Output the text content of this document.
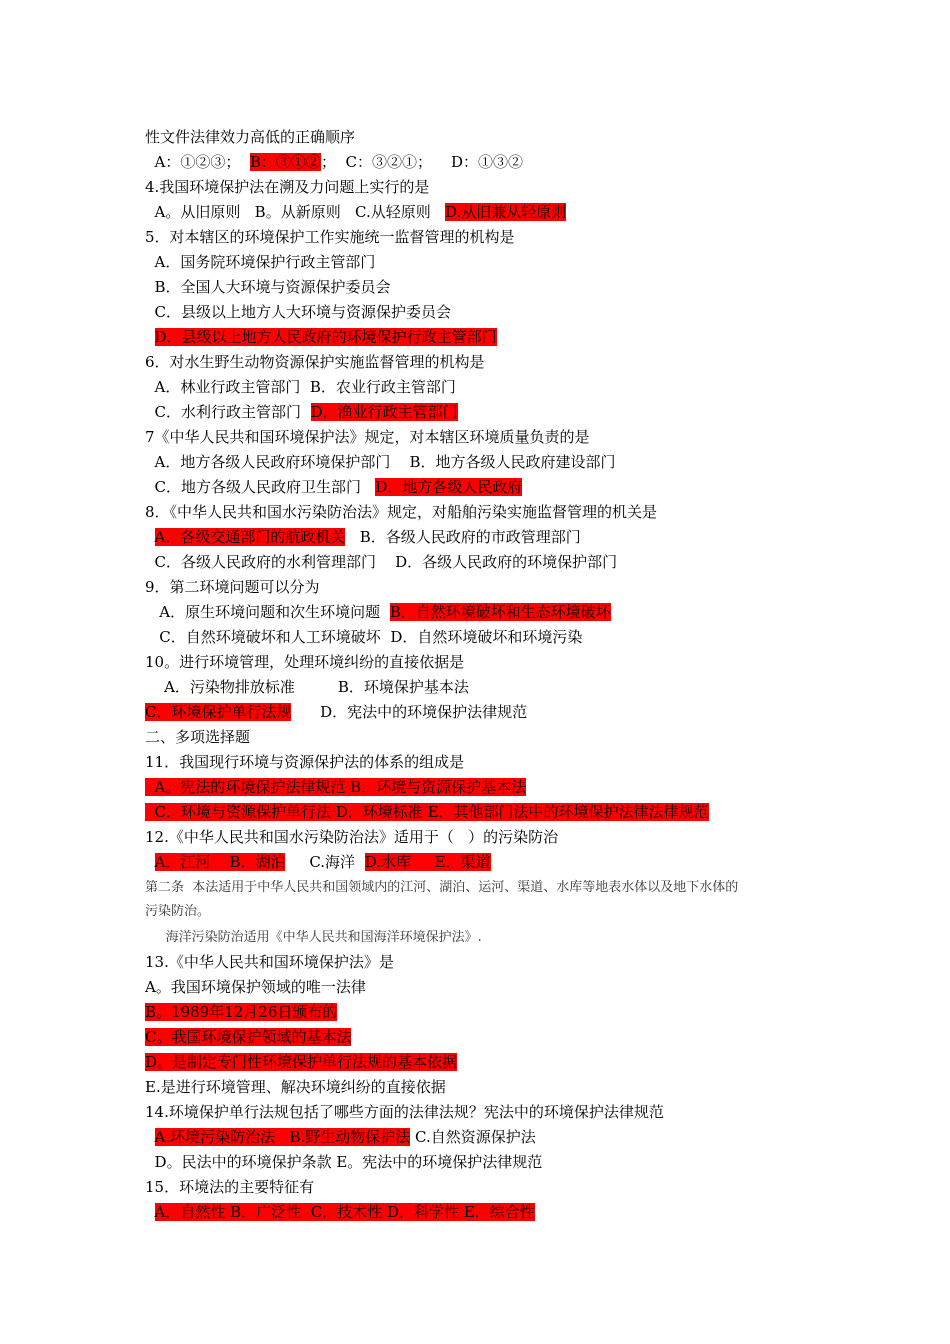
性文件法律效力高低的正确顺序
A：①②③；  B：③①②；  C：③②①；    D：①③②
4.我国环境保护法在溯及力问题上实行的是
A。从旧原则   B。从新原则   C.从轻原则   D.从旧兼从轻原则
5．对本辖区的环境保护工作实施统一监督管理的机构是
A．国务院环境保护行政主管部门
B．全国人大环境与资源保护委员会
C．县级以上地方人大环境与资源保护委员会
D．县级以上地方人民政府的环境保护行政主管部门
6．对水生野生动物资源保护实施监督管理的机构是
A．林业行政主管部门  B．农业行政主管部门
C．水利行政主管部门  D．渔业行政主管部门
7《中华人民共和国环境保护法》规定，对本辖区环境质量负责的是
A．地方各级人民政府环境保护部门    B．地方各级人民政府建设部门
C．地方各级人民政府卫生部门   D．地方各级人民政府
8．《中华人民共和国水污染防治法》规定，对船舶污染实施监督管理的机关是
A．各级交通部门的航政机关   B．各级人民政府的市政管理部门
C．各级人民政府的水利管理部门    D．各级人民政府的环境保护部门
9．第二环境问题可以分为
A．原生环境问题和次生环境问题  B．自然环境破坏和生态环境破坏
C．自然环境破坏和人工环境破坏  D．自然环境破坏和环境污染
10。进行环境管理，处理环境纠纷的直接依据是
A．污染物排放标准         B．环境保护基本法
C．环境保护单行法规      D．宪法中的环境保护法律规范
二、多项选择题
11．我国现行环境与资源保护法的体系的组成是
A。宪法的环境保护法律规范 B．环境与资源保护基本法
C．环境与资源保护单行法 D．环境标准 E．其他部门法中的环境保护法律法律规范
12.《中华人民共和国水污染防治法》适用于（   ）的污染防治
A．江河    B．湖泊     C.海洋  D.水库     E．渠道
第二条  本法适用于中华人民共和国领域内的江河、湖泊、运河、渠道、水库等地表水体以及地下水体的
污染防治。
海洋污染防治适用《中华人民共和国海洋环境保护法》.
13.《中华人民共和国环境保护法》是
A。我国环境保护领域的唯一法律
B。1989年12月26日颁布的
C。我国环境保护领域的基本法
D。是制定专门性环境保护单行法规的基本依据
E.是进行环境管理、解决环境纠纷的直接依据
14.环境保护单行法规包括了哪些方面的法律法规？宪法中的环境保护法律规范
A.环境污染防治法   B.野生动物保护法 C.自然资源保护法
D。民法中的环境保护条款 E。宪法中的环境保护法律规范
15．环境法的主要特征有
A．自然性 B．广泛性  C．技术性 D．科学性 E．综合性
